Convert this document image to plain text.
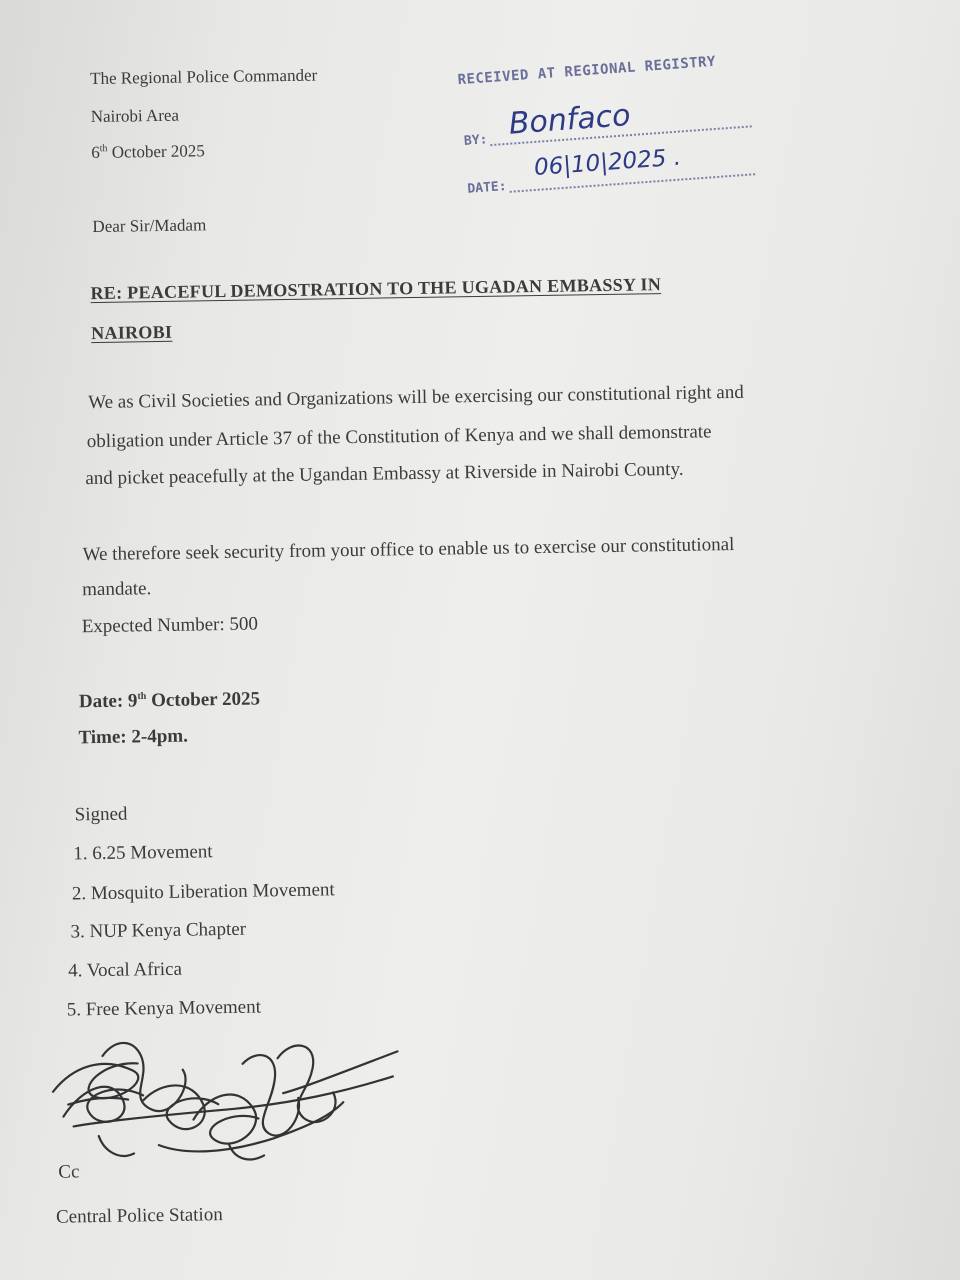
The Regional Police Commander
Nairobi Area
6th October 2025
RECEIVED AT REGIONAL REGISTRY
BY: Bonfaco
DATE:
06|10|2025 .
Dear Sir/Madam
RE: PEACEFUL DEMOSTRATION TO THE UGADAN EMBASSY IN
NAIROBI
We as Civil Societies and Organizations will be exercising our constitutional right and
obligation under Article 37 of the Constitution of Kenya and we shall demonstrate
and picket peacefully at the Ugandan Embassy at Riverside in Nairobi County.
We therefore seek security from your office to enable us to exercise our constitutional
mandate.
Expected Number: 500
Date: 9th October 2025
Time: 2-4pm.
Signed
1. 6.25 Movement
2. Mosquito Liberation Movement
3. NUP Kenya Chapter
4. Vocal Africa
5. Free Kenya Movement
Cc
Central Police Station
